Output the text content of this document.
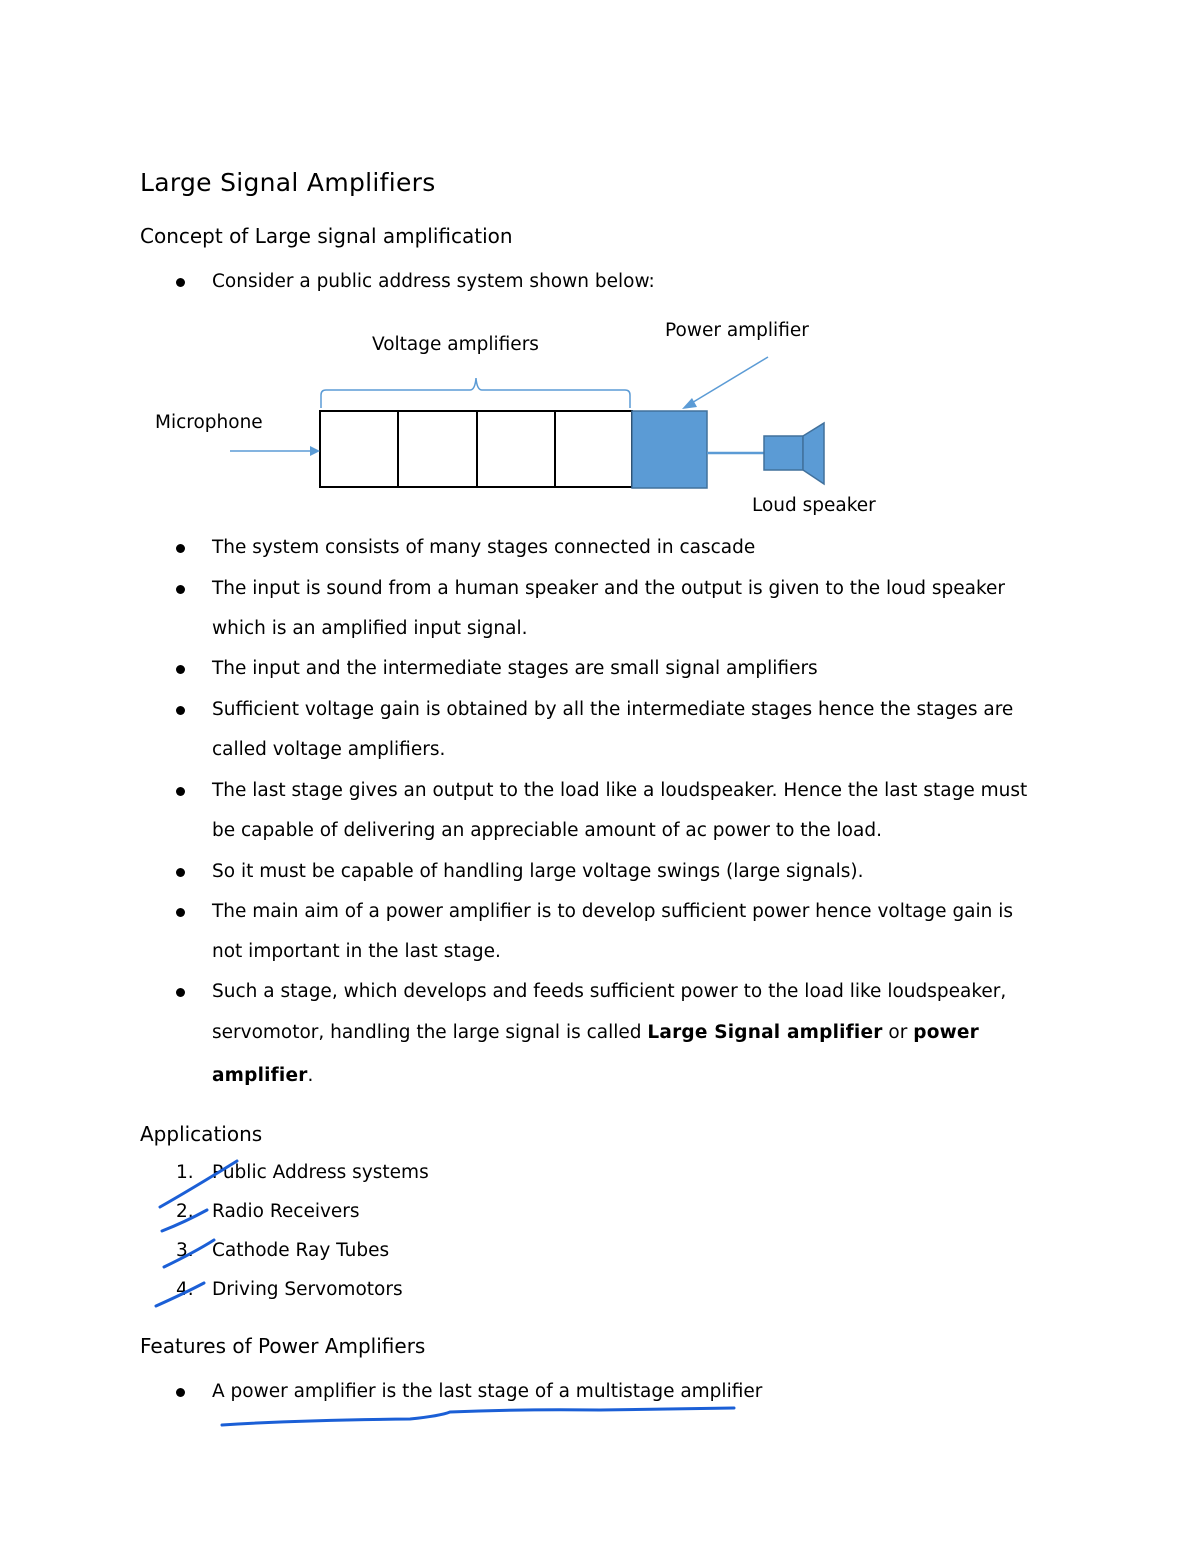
Large Signal Amplifiers
Concept of Large signal amplification
Consider a public address system shown below:
Voltage amplifiers
Power amplifier
Microphone
Loud speaker
The system consists of many stages connected in cascade
The input is sound from a human speaker and the output is given to the loud speaker
which is an amplified input signal.
The input and the intermediate stages are small signal amplifiers
Sufficient voltage gain is obtained by all the intermediate stages hence the stages are
called voltage amplifiers.
The last stage gives an output to the load like a loudspeaker. Hence the last stage must
be capable of delivering an appreciable amount of ac power to the load.
So it must be capable of handling large voltage swings (large signals).
The main aim of a power amplifier is to develop sufficient power hence voltage gain is
not important in the last stage.
Such a stage, which develops and feeds sufficient power to the load like loudspeaker,
servomotor, handling the large signal is called Large Signal amplifier or power
amplifier.
Applications
1. Public Address systems
2. Radio Receivers
3. Cathode Ray Tubes
4. Driving Servomotors
Features of Power Amplifiers
A power amplifier is the last stage of a multistage amplifier
